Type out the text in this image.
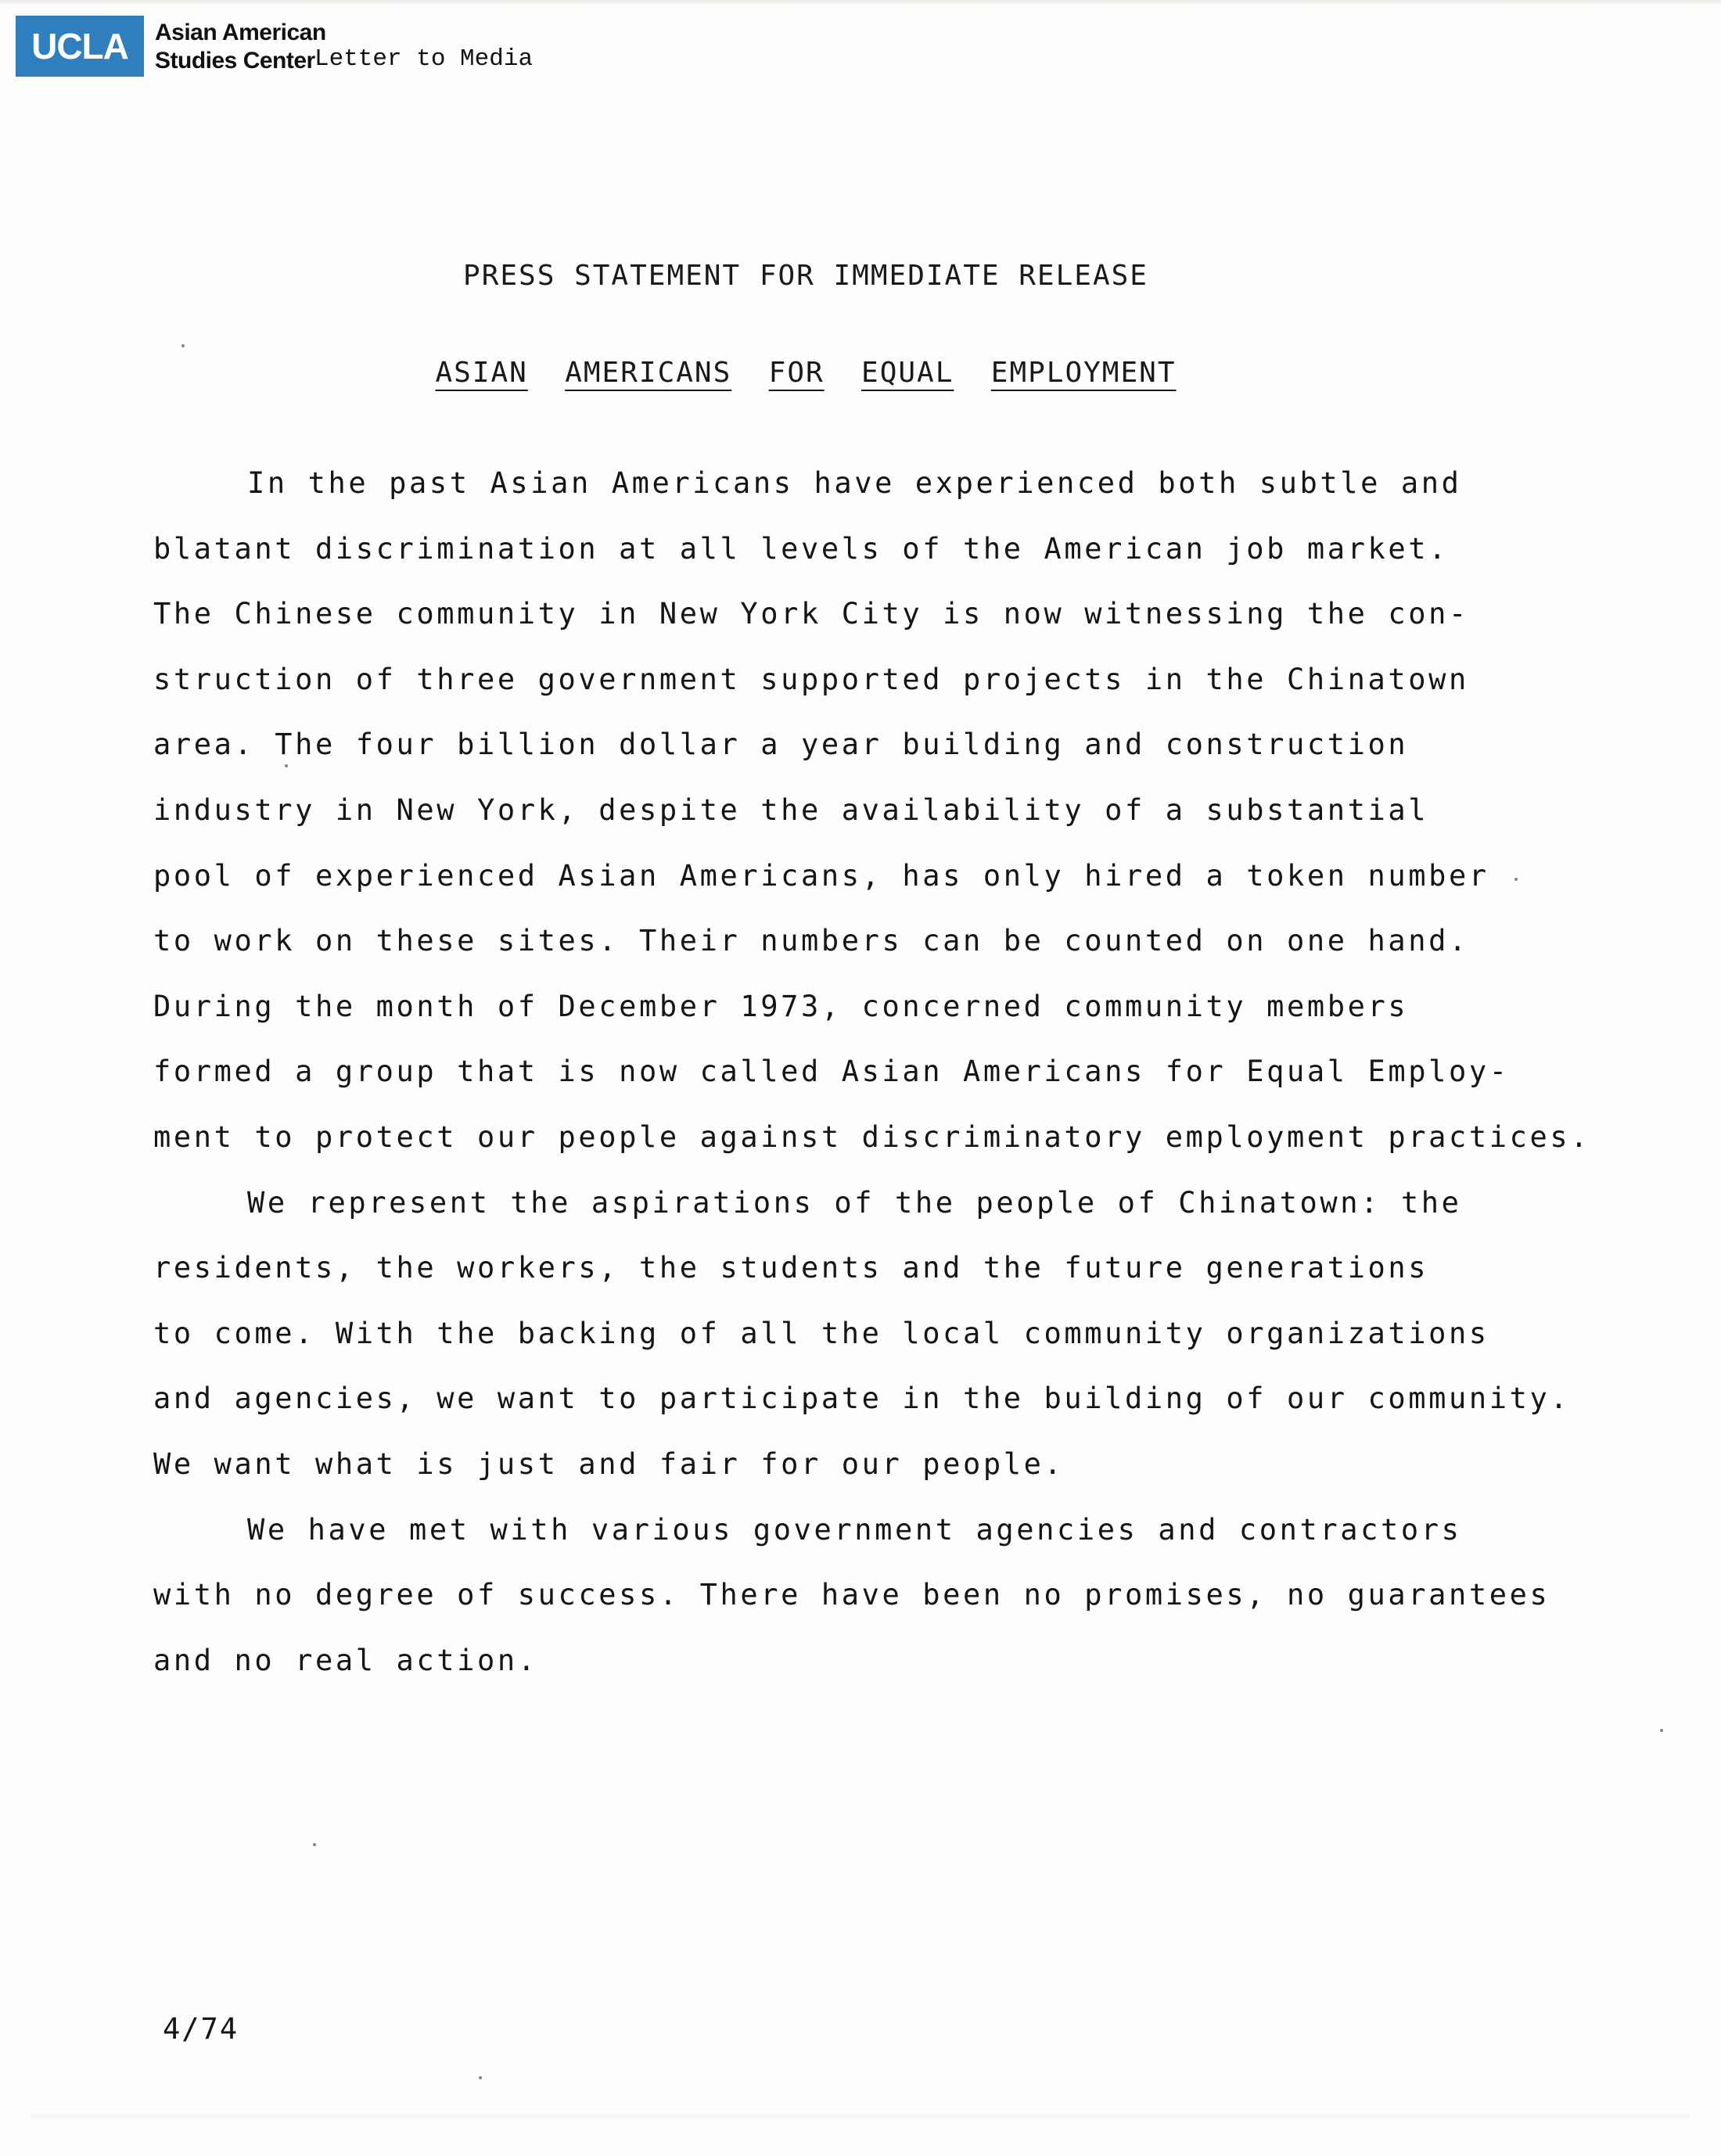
UCLA Asian American
Studies Center Letter to Media
PRESS STATEMENT FOR IMMEDIATE RELEASE
ASIAN AMERICANS FOR EQUAL EMPLOYMENT
In the past Asian Americans have experienced both subtle and
blatant discrimination at all levels of the American job market.
The Chinese community in New York City is now witnessing the con-
struction of three government supported projects in the Chinatown
area. The four billion dollar a year building and construction
industry in New York, despite the availability of a substantial
pool of experienced Asian Americans, has only hired a token number
to work on these sites. Their numbers can be counted on one hand.
During the month of December 1973, concerned community members
formed a group that is now called Asian Americans for Equal Employ-
ment to protect our people against discriminatory employment practices.
We represent the aspirations of the people of Chinatown: the
residents, the workers, the students and the future generations
to come. With the backing of all the local community organizations
and agencies, we want to participate in the building of our community.
We want what is just and fair for our people.
We have met with various government agencies and contractors
with no degree of success. There have been no promises, no guarantees
and no real action.
4/74
